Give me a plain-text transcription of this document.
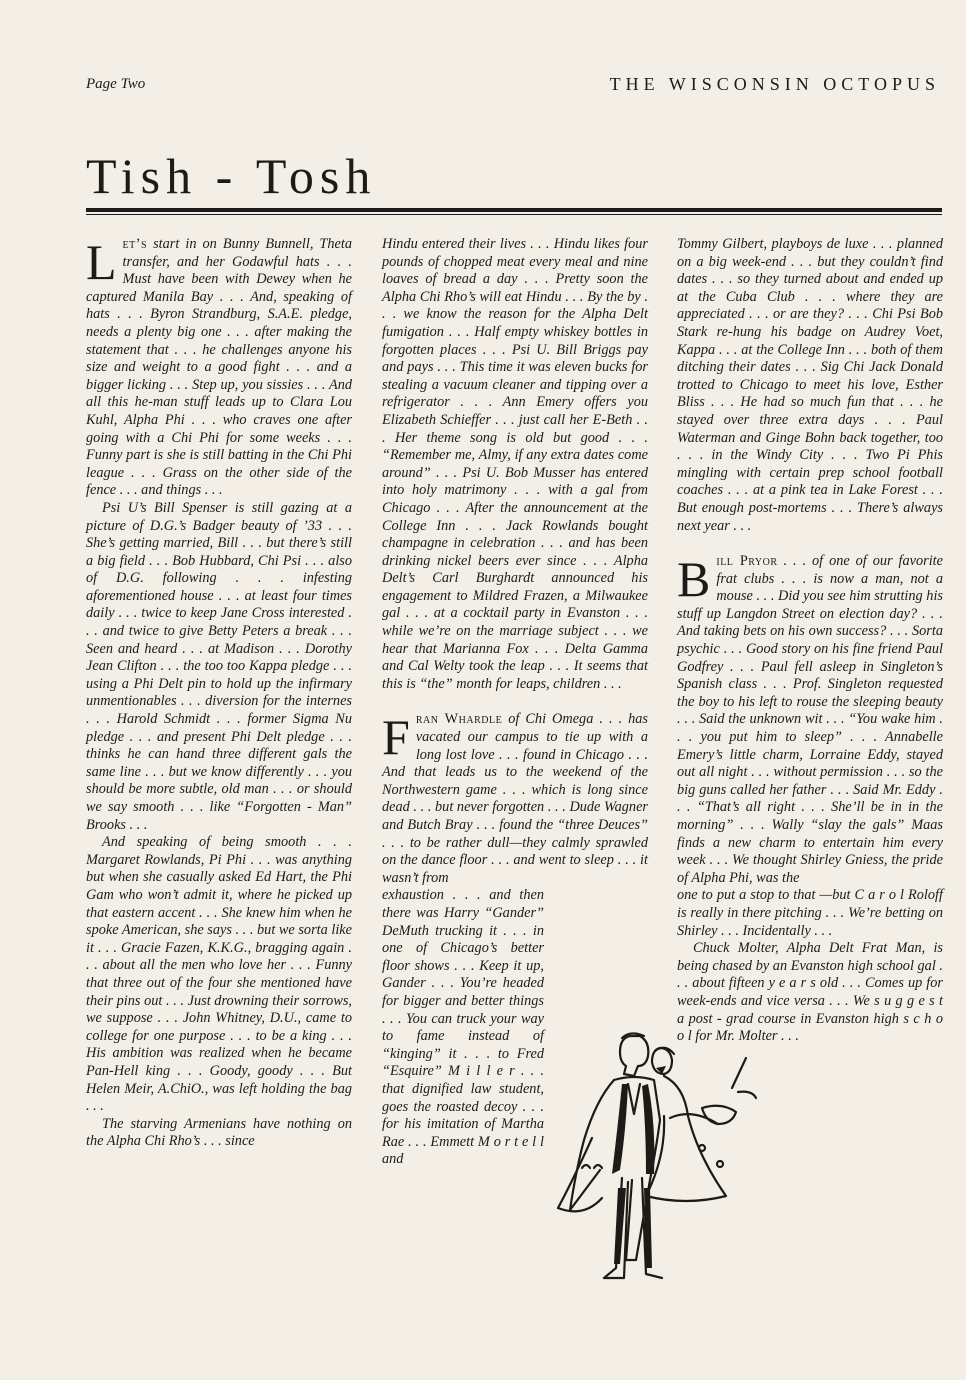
Page Two	THE WISCONSIN OCTOPUS
Tish - Tosh

Let’s start in on Bunny Bunnell, Theta transfer, and her Godawful hats . . . Must have been with Dewey when he captured Manila Bay . . . And, speaking of hats . . . Byron Strandburg, S.A.E. pledge, needs a plenty big one . . . after making the statement that . . . he challenges anyone his size and weight to a good fight . . . and a bigger licking . . . Step up, you sissies . . . And all this he-man stuff leads up to Clara Lou Kuhl, Alpha Phi . . . who craves one after going with a Chi Phi for some weeks . . . Funny part is she is still batting in the Chi Phi league . . . Grass on the other side of the fence . . . and things . . .

Psi U’s Bill Spenser is still gazing at a picture of D.G.’s Badger beauty of ’33 . . . She’s getting married, Bill . . . but there’s still a big field . . . Bob Hubbard, Chi Psi . . . also of D.G. following . . . infesting aforementioned house . . . at least four times daily . . . twice to keep Jane Cross interested . . . and twice to give Betty Peters a break . . . Seen and heard . . . at Madison . . . Dorothy Jean Clifton . . . the too too Kappa pledge . . . using a Phi Delt pin to hold up the infirmary unmentionables . . . diversion for the internes . . . Harold Schmidt . . . former Sigma Nu pledge . . . and present Phi Delt pledge . . . thinks he can hand three different gals the same line . . . but we know differently . . . you should be more subtle, old man . . . or should we say smooth . . . like “Forgotten - Man” Brooks . . .

And speaking of being smooth . . . Margaret Rowlands, Pi Phi . . . was anything but when she casually asked Ed Hart, the Phi Gam who won’t admit it, where he picked up that eastern accent . . . She knew him when he spoke American, she says . . . but we sorta like it . . . Gracie Fazen, K.K.G., bragging again . . . about all the men who love her . . . Funny that three out of the four she mentioned have their pins out . . . Just drowning their sorrows, we suppose . . . John Whitney, D.U., came to college for one purpose . . . to be a king . . . His ambition was realized when he became Pan-Hell king . . . Goody, goody . . . But Helen Meir, A.ChiO., was left holding the bag . . .

The starving Armenians have nothing on the Alpha Chi Rho’s . . . since

Hindu entered their lives . . . Hindu likes four pounds of chopped meat every meal and nine loaves of bread a day . . . Pretty soon the Alpha Chi Rho’s will eat Hindu . . . By the by . . . we know the reason for the Alpha Delt fumigation . . . Half empty whiskey bottles in forgotten places . . . Psi U. Bill Briggs pay and pays . . . This time it was eleven bucks for stealing a vacuum cleaner and tipping over a refrigerator . . . Ann Emery offers you Elizabeth Schieffer . . . just call her E-Beth . . . Her theme song is old but good . . . “Remember me, Almy, if any extra dates come around” . . . Psi U. Bob Musser has entered into holy matrimony . . . with a gal from Chicago . . . After the announcement at the College Inn . . . Jack Rowlands bought champagne in celebration . . . and has been drinking nickel beers ever since . . . Alpha Delt’s Carl Burghardt announced his engagement to Mildred Frazen, a Milwaukee gal . . . at a cocktail party in Evanston . . . while we’re on the marriage subject . . . we hear that Marianna Fox . . . Delta Gamma and Cal Welty took the leap . . . It seems that this is “the” month for leaps, children . . .

Fran Whardle of Chi Omega . . . has vacated our campus to tie up with a long lost love . . . found in Chicago . . . And that leads us to the weekend of the Northwestern game . . . which is long since dead . . . but never forgotten . . . Dude Wagner and Butch Bray . . . found the “three Deuces” . . . to be rather dull—they calmly sprawled on the dance floor . . . and went to sleep . . . it wasn’t from

exhaustion . . . and then there was Harry “Gander” DeMuth trucking it . . . in one of Chicago’s better floor shows . . . Keep it up, Gander . . . You’re headed for bigger and better things . . . You can truck your way to fame instead of “kinging” it . . . to Fred “Esquire” M i l l e r . . . that dignified law student, goes the roasted decoy . . . for his imitation of Martha Rae . . . Emmett M o r t e l l and

Tommy Gilbert, playboys de luxe . . . planned on a big week-end . . . but they couldn’t find dates . . . so they turned about and ended up at the Cuba Club . . . where they are appreciated . . . or are they? . . . Chi Psi Bob Stark re-hung his badge on Audrey Voet, Kappa . . . at the College Inn . . . both of them ditching their dates . . . Sig Chi Jack Donald trotted to Chicago to meet his love, Esther Bliss . . . He had so much fun that . . . he stayed over three extra days . . . Paul Waterman and Ginge Bohn back together, too . . . in the Windy City . . . Two Pi Phis mingling with certain prep school football coaches . . . at a pink tea in Lake Forest . . . But enough post-mortems . . . There’s always next year . . .

Bill Pryor . . . of one of our favorite frat clubs . . . is now a man, not a mouse . . . Did you see him strutting his stuff up Langdon Street on election day? . . . And taking bets on his own success? . . . Sorta psychic . . . Good story on his fine friend Paul Godfrey . . . Paul fell asleep in Singleton’s Spanish class . . . Prof. Singleton requested the boy to his left to rouse the sleeping beauty . . . Said the unknown wit . . . “You wake him . . . you put him to sleep” . . . Annabelle Emery’s little charm, Lorraine Eddy, stayed out all night . . . without permission . . . so the big guns called her father . . . Said Mr. Eddy . . . “That’s all right . . . She’ll be in in the morning” . . . Wally “slay the gals” Maas finds a new charm to entertain him every week . . . We thought Shirley Gniess, the pride of Alpha Phi, was the

one to put a stop to that —but C a r o l Roloff is really in there pitching . . . We’re betting on Shirley . . . Incidentally . . .

Chuck Molter, Alpha Delt Frat Man, is being chased by an Evanston high school gal . . . about fifteen y e a r s old . . . Comes up for week-ends and vice versa . . . We s u g g e s t a post - grad course in Evanston high s c h o o l for Mr. Molter . . .
